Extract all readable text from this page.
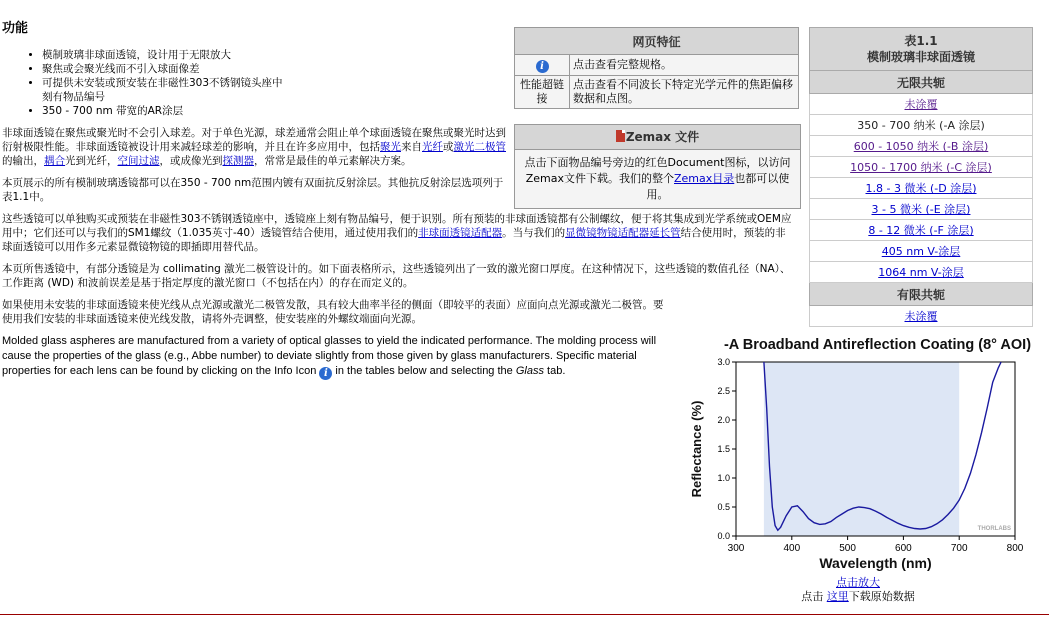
功能
• 模制玻璃非球面透镜，设计用于无限放大
• 聚焦或会聚光线而不引入球面像差
• 可提供未安装或预安装在非磁性303不锈钢镜头座中
刻有物品编号
• 350 - 700 nm 带宽的AR涂层

非球面透镜在聚焦或聚光时不会引入球差。对于单色光源，球差通常会阻止单个球面透镜在聚焦或聚光时达到衍射极限性能。非球面透镜被设计用来减轻球差的影响，并且在许多应用中，包括聚光来自光纤或激光二极管的输出，耦合光到光纤，空间过滤，或成像光到探测器，常常是最佳的单元素解决方案。

本页展示的所有模制玻璃透镜都可以在350 - 700 nm范围内镀有双面抗反射涂层。其他抗反射涂层选项列于表1.1中。

这些透镜可以单独购买或预装在非磁性303不锈钢透镜座中，透镜座上刻有物品编号，便于识别。所有预装的非球面透镜都有公制螺纹，便于将其集成到光学系统或OEM应用中；它们还可以与我们的SM1螺纹（1.035英寸-40）透镜管结合使用，通过使用我们的非球面透镜适配器。当与我们的显微镜物镜适配器延长管结合使用时，预装的非球面透镜可以用作多元素显微镜物镜的即插即用替代品。

本页所售透镜中，有部分透镜是为 collimating 激光二极管设计的。如下面表格所示，这些透镜列出了一致的激光窗口厚度。在这种情况下，这些透镜的数值孔径（NA）、工作距离 (WD) 和波前误差是基于指定厚度的激光窗口（不包括在内）的存在而定义的。

如果使用未安装的非球面透镜来使光线从点光源或激光二极管发散，具有较大曲率半径的侧面（即较平的表面）应面向点光源或激光二极管。要使用我们安装的非球面透镜来使光线发散，请将外壳调整，使安装座的外螺纹端面向光源。

Molded glass aspheres are manufactured from a variety of optical glasses to yield the indicated performance. The molding process will cause the properties of the glass (e.g., Abbe number) to deviate slightly from those given by glass manufacturers. Specific material properties for each lens can be found by clicking on the Info Icon i in the tables below and selecting the Glass tab.

网页特征	
i	点击查看完整规格。
性能超链接	点击查看不同波长下特定光学元件的焦距偏移数据和点图。
Zemax 文件
点击下面物品编号旁边的红色Document图标，以访问Zemax文件下载。我们的整个Zemax目录也都可以使用。
表1.1
模制玻璃非球面透镜
无限共轭
未涂覆
350 - 700 纳米 (-A 涂层)
600 - 1050 纳米 (-B 涂层)
1050 - 1700 纳米 (-C 涂层)
1.8 - 3 微米 (-D 涂层)
3 - 5 微米 (-E 涂层)
8 - 12 微米 (-F 涂层)
405 nm V-涂层
1064 nm V-涂层
有限共轭
未涂覆
-A Broadband Antireflection Coating (8° AOI)
300	400	500	600	700	800
0.0
0.5
1.0
1.5
2.0
2.5
3.0
Wavelength (nm)
Reflectance (%)
THORLABS
点击放大
点击 这里下载原始数据
